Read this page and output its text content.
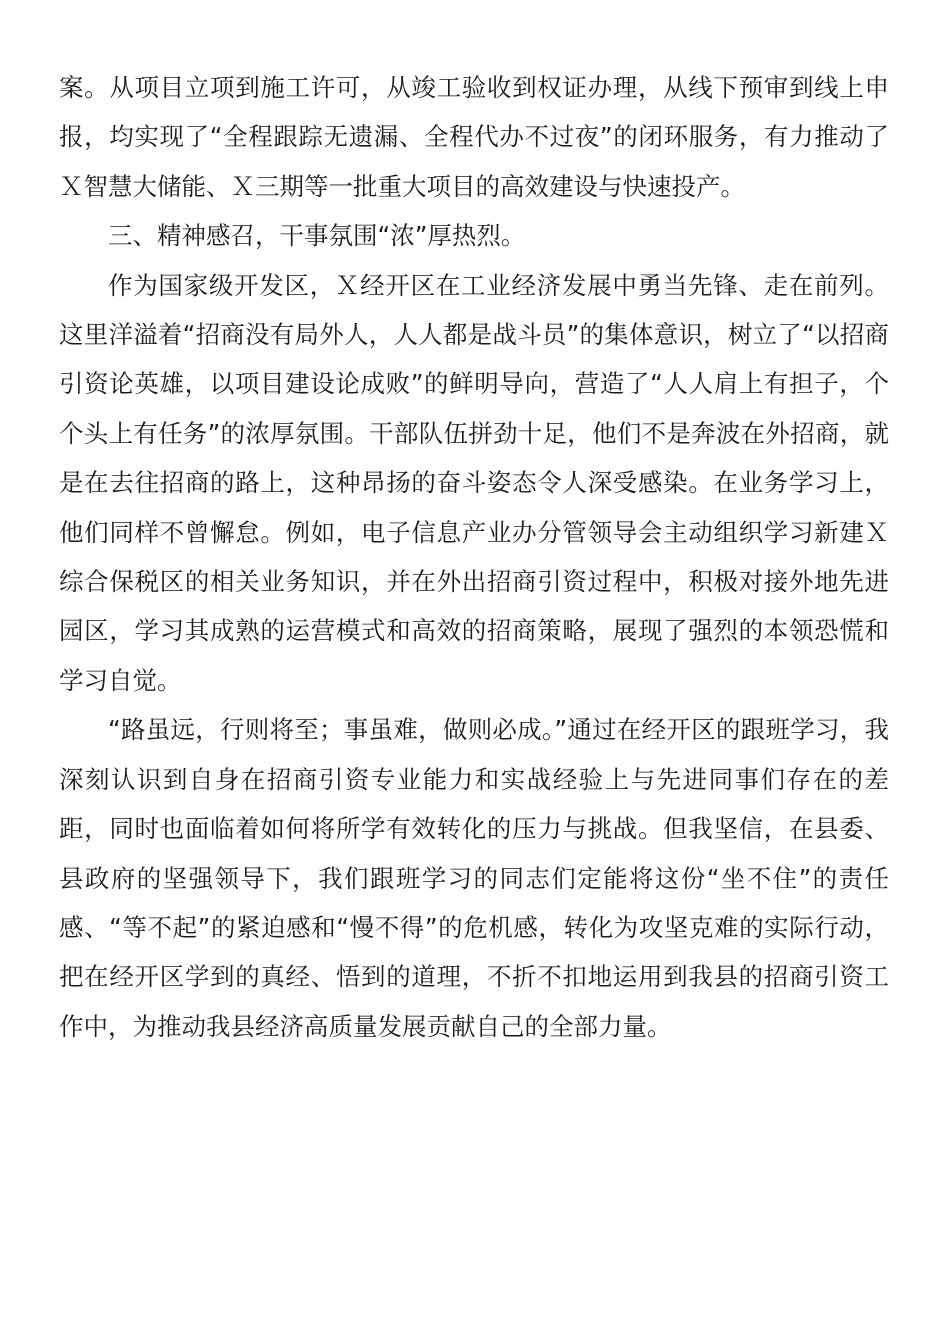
案。从项目立项到施工许可，从竣工验收到权证办理，从线下预审到线上申报，均实现了“全程跟踪无遗漏、全程代办不过夜”的闭环服务，有力推动了Ｘ智慧大储能、Ｘ三期等一批重大项目的高效建设与快速投产。

三、精神感召，干事氛围“浓”厚热烈。

作为国家级开发区，Ｘ经开区在工业经济发展中勇当先锋、走在前列。这里洋溢着“招商没有局外人，人人都是战斗员”的集体意识，树立了“以招商引资论英雄，以项目建设论成败”的鲜明导向，营造了“人人肩上有担子，个个头上有任务”的浓厚氛围。干部队伍拼劲十足，他们不是奔波在外招商，就是在去往招商的路上，这种昂扬的奋斗姿态令人深受感染。在业务学习上，他们同样不曾懈怠。例如，电子信息产业办分管领导会主动组织学习新建Ｘ综合保税区的相关业务知识，并在外出招商引资过程中，积极对接外地先进园区，学习其成熟的运营模式和高效的招商策略，展现了强烈的本领恐慌和学习自觉。

“路虽远，行则将至；事虽难，做则必成。”通过在经开区的跟班学习，我深刻认识到自身在招商引资专业能力和实战经验上与先进同事们存在的差距，同时也面临着如何将所学有效转化的压力与挑战。但我坚信，在县委、县政府的坚强领导下，我们跟班学习的同志们定能将这份“坐不住”的责任感、“等不起”的紧迫感和“慢不得”的危机感，转化为攻坚克难的实际行动，把在经开区学到的真经、悟到的道理，不折不扣地运用到我县的招商引资工作中，为推动我县经济高质量发展贡献自己的全部力量。
